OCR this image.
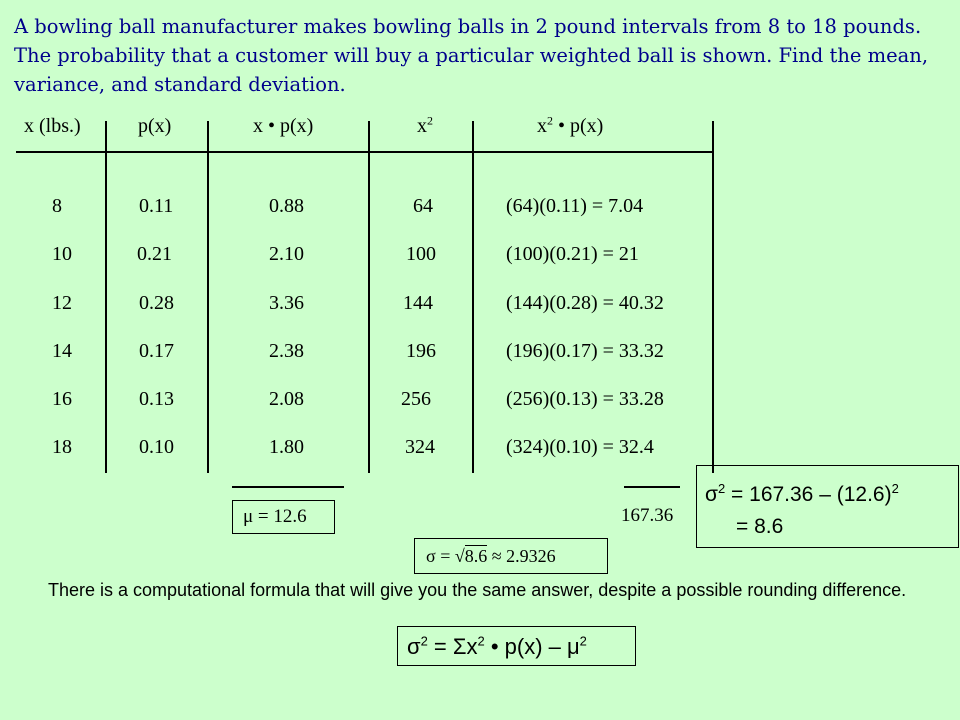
A bowling ball manufacturer makes bowling balls in 2 pound intervals from 8 to 18 pounds. The probability that a customer will buy a particular weighted ball is shown. Find the mean, variance, and standard deviation.
x (lbs.)	p(x)	x • p(x)	$x^2$	$x^2$ • p(x)
8	0.11	0.88	64	(64)(0.11) = 7.04
10	0.21	2.10	100	(100)(0.21) = 21
12	0.28	3.36	144	(144)(0.28) = 40.32
14	0.17	2.38	196	(196)(0.17) = 33.32
16	0.13	2.08	256	(256)(0.13) = 33.28
18	0.10	1.80	324	(324)(0.10) = 32.4
μ = 12.6	167.36
$\sigma^2 = 167.36 - (12.6)^2$
= 8.6
σ = √8.6 ≈ 2.9326
There is a computational formula that will give you the same answer, despite a possible rounding difference.
$\sigma^2 = \Sigma x^2$ • $p(x) - \mu^2$
